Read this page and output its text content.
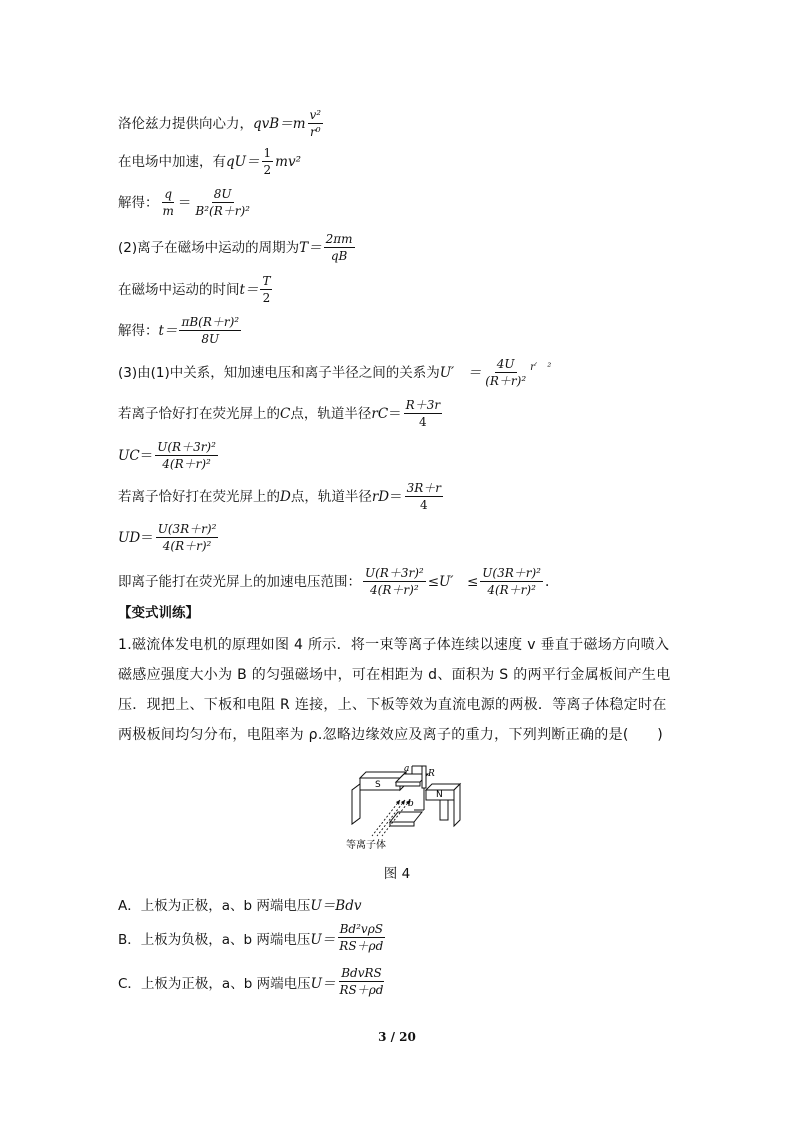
洛伦兹力提供向心力， $qvB=m \frac{\text{v²}}{\text{r⁰}}$
在电场中加速，有 $qU= \frac{1}{2} mv^2$
解得： $\frac{q}{m} = \frac{8U}{\text{B²(R＋r)²}}$
(2)离子在磁场中运动的周期为 $T= \frac{2\pi m}{qB}$
在磁场中运动的时间 $t= \frac{T}{2}$
解得： $t= \frac{\text{πB(R＋r)²}}{8U}$
(3)由(1)中关系，知加速电压和离子半径之间的关系为 U′　＝ $\frac{4U}{\text{(R＋r)²}} r'$　²
若离子恰好打在荧光屏上的 C 点，轨道半径 r $C = \frac{R+3r}{4}$
U $C = \frac{\text{U(R＋3r)²}}{\text{4(R＋r)²}}$
若离子恰好打在荧光屏上的 D 点，轨道半径 r $D = \frac{3R+r}{4}$
U $D = \frac{\text{U(3R＋r)²}}{\text{4(R＋r)²}}$
即离子能打在荧光屏上的加速电压范围： $\frac{\text{U(R＋3r)²}}{\text{4(R＋r)²}} \le U'$　≤ $\frac{\text{U(3R＋r)²}}{\text{4(R＋r)²}}$ .
【变式训练】
1.磁流体发电机的原理如图 4 所示．将一束等离子体连续以速度 v 垂直于磁场方向喷入磁感应强度大小为 B 的匀强磁场中，可在相距为 d、面积为 S 的两平行金属板间产生电压．现把上、下板和电阻 R 连接，上、下板等效为直流电源的两极．等离子体稳定时在两极板间均匀分布，电阻率为 ρ.忽略边缘效应及离子的重力，下列判断正确的是(　　)
a R
b
S
N
等离子体
图 4
A． 上板为正极，a、b 两端电压 U＝Bdv
B． 上板为负极，a、b 两端电压 $U= \frac{\text{Bd²vρS}}{RS+\rho d}$
C． 上板为正极，a、b 两端电压 $U= \frac{\text{BdvRS}}{RS+\rho d}$
3 / 20
